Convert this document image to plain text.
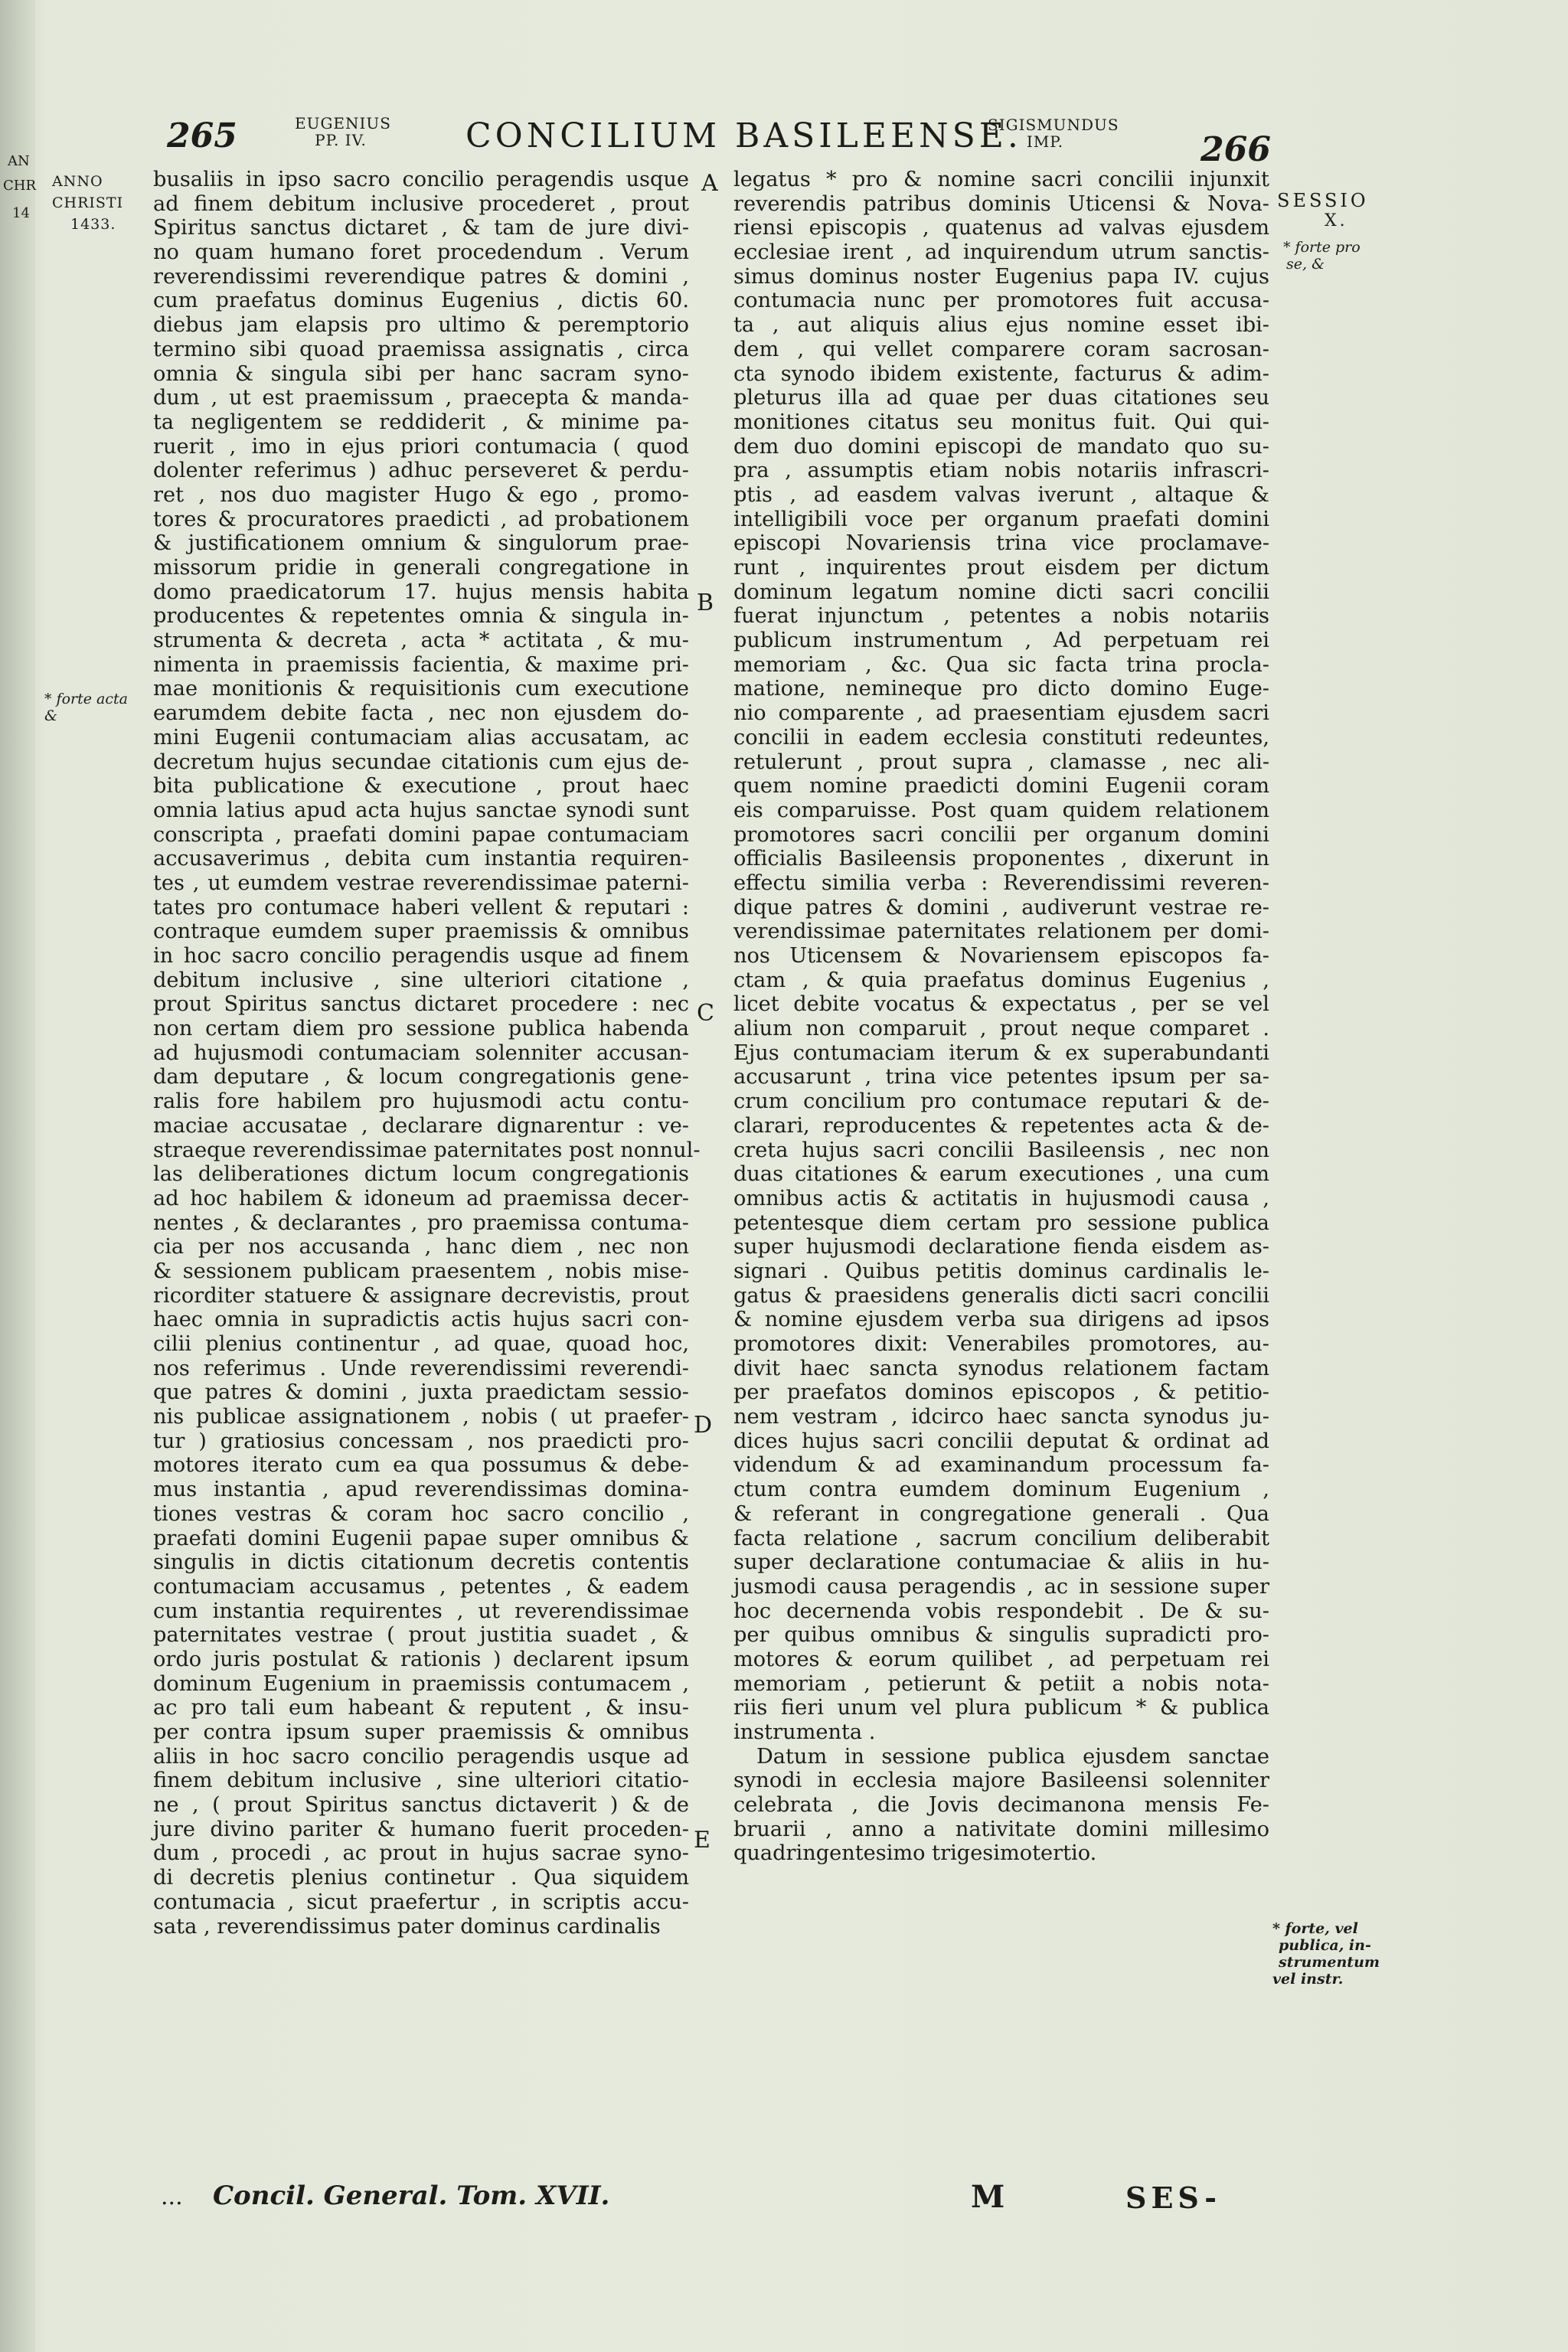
AN
CHR
14
265	EUGENIUS
PP. IV.	CONCILIUM BASILEENSE.
SIGISMUNDUS
IMP.	266
ANNO
CHRISTI
1433.
* forte acta
&
SESSIO
X.
* forte pro
se, &
* forte, vel
publica, in-
strumentum
vel instr.
A
B
C
D
E
busaliis in ipso sacro concilio peragendis usque
ad finem debitum inclusive procederet , prout
Spiritus sanctus dictaret , & tam de jure divi-
no quam humano foret procedendum . Verum
reverendissimi reverendique patres & domini ,
cum praefatus dominus Eugenius , dictis 60.
diebus jam elapsis pro ultimo & peremptorio
termino sibi quoad praemissa assignatis , circa
omnia & singula sibi per hanc sacram syno-
dum , ut est praemissum , praecepta & manda-
ta negligentem se reddiderit , & minime pa-
ruerit , imo in ejus priori contumacia ( quod
dolenter referimus ) adhuc perseveret & perdu-
ret , nos duo magister Hugo & ego , promo-
tores & procuratores praedicti , ad probationem
& justificationem omnium & singulorum prae-
missorum pridie in generali congregatione in
domo praedicatorum 17. hujus mensis habita
producentes & repetentes omnia & singula in-
strumenta & decreta , acta * actitata , & mu-
nimenta in praemissis facientia, & maxime pri-
mae monitionis & requisitionis cum executione
earumdem debite facta , nec non ejusdem do-
mini Eugenii contumaciam alias accusatam, ac
decretum hujus secundae citationis cum ejus de-
bita publicatione & executione , prout haec
omnia latius apud acta hujus sanctae synodi sunt
conscripta , praefati domini papae contumaciam
accusaverimus , debita cum instantia requiren-
tes , ut eumdem vestrae reverendissimae paterni-
tates pro contumace haberi vellent & reputari :
contraque eumdem super praemissis & omnibus
in hoc sacro concilio peragendis usque ad finem
debitum inclusive , sine ulteriori citatione ,
prout Spiritus sanctus dictaret procedere : nec
non certam diem pro sessione publica habenda
ad hujusmodi contumaciam solenniter accusan-
dam deputare , & locum congregationis gene-
ralis fore habilem pro hujusmodi actu contu-
maciae accusatae , declarare dignarentur : ve-
straeque reverendissimae paternitates post nonnul-
las deliberationes dictum locum congregationis
ad hoc habilem & idoneum ad praemissa decer-
nentes , & declarantes , pro praemissa contuma-
cia per nos accusanda , hanc diem , nec non
& sessionem publicam praesentem , nobis mise-
ricorditer statuere & assignare decrevistis, prout
haec omnia in supradictis actis hujus sacri con-
cilii plenius continentur , ad quae, quoad hoc,
nos referimus . Unde reverendissimi reverendi-
que patres & domini , juxta praedictam sessio-
nis publicae assignationem , nobis ( ut praefer-
tur ) gratiosius concessam , nos praedicti pro-
motores iterato cum ea qua possumus & debe-
mus instantia , apud reverendissimas domina-
tiones vestras & coram hoc sacro concilio ,
praefati domini Eugenii papae super omnibus &
singulis in dictis citationum decretis contentis
contumaciam accusamus , petentes , & eadem
cum instantia requirentes , ut reverendissimae
paternitates vestrae ( prout justitia suadet , &
ordo juris postulat & rationis ) declarent ipsum
dominum Eugenium in praemissis contumacem ,
ac pro tali eum habeant & reputent , & insu-
per contra ipsum super praemissis & omnibus
aliis in hoc sacro concilio peragendis usque ad
finem debitum inclusive , sine ulteriori citatio-
ne , ( prout Spiritus sanctus dictaverit ) & de
jure divino pariter & humano fuerit proceden-
dum , procedi , ac prout in hujus sacrae syno-
di decretis plenius continetur . Qua siquidem
contumacia , sicut praefertur , in scriptis accu-
sata , reverendissimus pater dominus cardinalis
legatus * pro & nomine sacri concilii injunxit
reverendis patribus dominis Uticensi & Nova-
riensi episcopis , quatenus ad valvas ejusdem
ecclesiae irent , ad inquirendum utrum sanctis-
simus dominus noster Eugenius papa IV. cujus
contumacia nunc per promotores fuit accusa-
ta , aut aliquis alius ejus nomine esset ibi-
dem , qui vellet comparere coram sacrosan-
cta synodo ibidem existente, facturus & adim-
pleturus illa ad quae per duas citationes seu
monitiones citatus seu monitus fuit. Qui qui-
dem duo domini episcopi de mandato quo su-
pra , assumptis etiam nobis notariis infrascri-
ptis , ad easdem valvas iverunt , altaque &
intelligibili voce per organum praefati domini
episcopi Novariensis trina vice proclamave-
runt , inquirentes prout eisdem per dictum
dominum legatum nomine dicti sacri concilii
fuerat injunctum , petentes a nobis notariis
publicum instrumentum , Ad perpetuam rei
memoriam , &c. Qua sic facta trina procla-
matione, nemineque pro dicto domino Euge-
nio comparente , ad praesentiam ejusdem sacri
concilii in eadem ecclesia constituti redeuntes,
retulerunt , prout supra , clamasse , nec ali-
quem nomine praedicti domini Eugenii coram
eis comparuisse. Post quam quidem relationem
promotores sacri concilii per organum domini
officialis Basileensis proponentes , dixerunt in
effectu similia verba : Reverendissimi reveren-
dique patres & domini , audiverunt vestrae re-
verendissimae paternitates relationem per domi-
nos Uticensem & Novariensem episcopos fa-
ctam , & quia praefatus dominus Eugenius ,
licet debite vocatus & expectatus , per se vel
alium non comparuit , prout neque comparet .
Ejus contumaciam iterum & ex superabundanti
accusarunt , trina vice petentes ipsum per sa-
crum concilium pro contumace reputari & de-
clarari, reproducentes & repetentes acta & de-
creta hujus sacri concilii Basileensis , nec non
duas citationes & earum executiones , una cum
omnibus actis & actitatis in hujusmodi causa ,
petentesque diem certam pro sessione publica
super hujusmodi declaratione fienda eisdem as-
signari . Quibus petitis dominus cardinalis le-
gatus & praesidens generalis dicti sacri concilii
& nomine ejusdem verba sua dirigens ad ipsos
promotores dixit: Venerabiles promotores, au-
divit haec sancta synodus relationem factam
per praefatos dominos episcopos , & petitio-
nem vestram , idcirco haec sancta synodus ju-
dices hujus sacri concilii deputat & ordinat ad
videndum & ad examinandum processum fa-
ctum contra eumdem dominum Eugenium ,
& referant in congregatione generali . Qua
facta relatione , sacrum concilium deliberabit
super declaratione contumaciae & aliis in hu-
jusmodi causa peragendis , ac in sessione super
hoc decernenda vobis respondebit . De & su-
per quibus omnibus & singulis supradicti pro-
motores & eorum quilibet , ad perpetuam rei
memoriam , petierunt & petiit a nobis nota-
riis fieri unum vel plura publicum * & publica
instrumenta .
Datum in sessione publica ejusdem sanctae
synodi in ecclesia majore Basileensi solenniter
celebrata , die Jovis decimanona mensis Fe-
bruarii , anno a nativitate domini millesimo
quadringentesimo trigesimotertio.
... Concil. General. Tom. XVII.	M	SES-
